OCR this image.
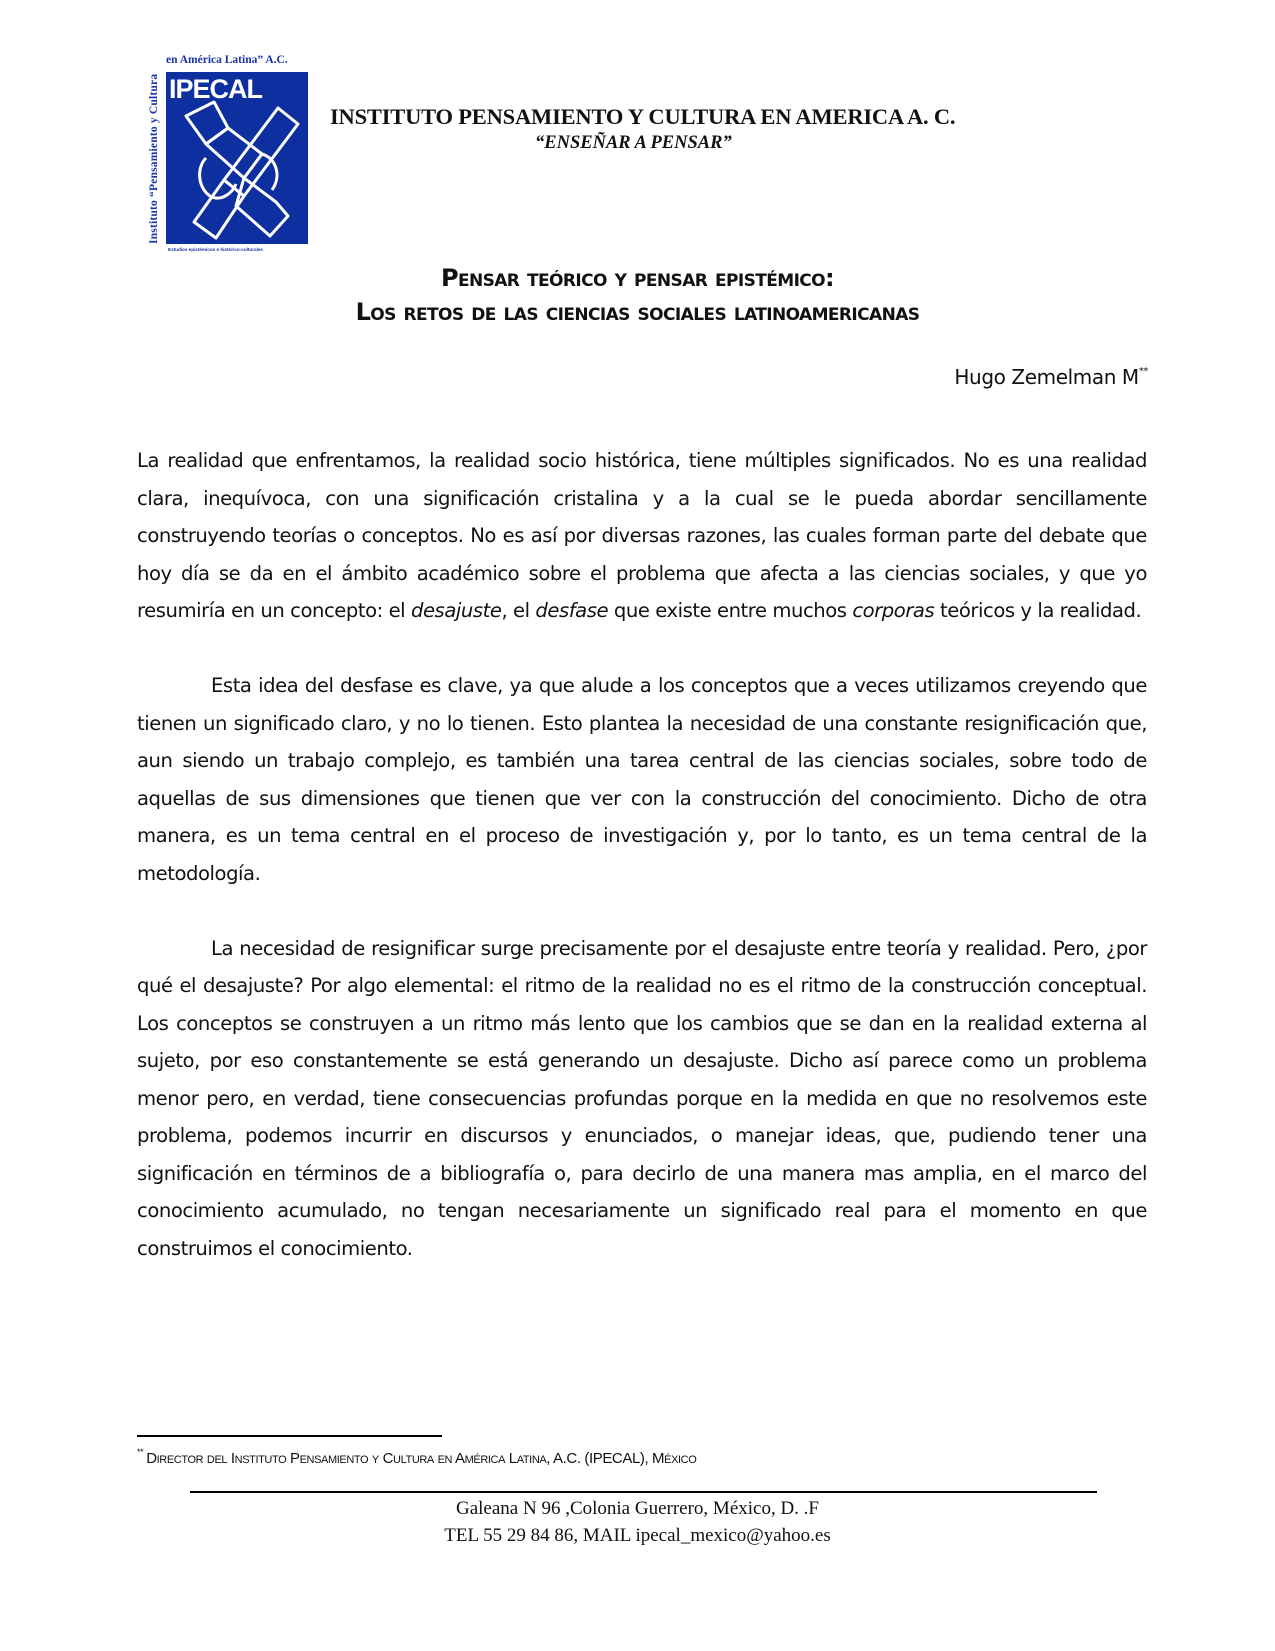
en América Latina” A.C.
Instituto “Pensamiento y Cultura IPECAL
Estudios epistémicos e histórico-culturales
INSTITUTO PENSAMIENTO Y CULTURA EN AMERICA A. C.
“ENSEÑAR A PENSAR”
Pensar teórico y pensar epistémico:
Los retos de las ciencias sociales latinoamericanas
Hugo Zemelman M**

La realidad que enfrentamos, la realidad socio histórica, tiene múltiples significados. No es una realidad clara, inequívoca, con una significación cristalina y a la cual se le pueda abordar sencillamente construyendo teorías o conceptos. No es así por diversas razones, las cuales forman parte del debate que hoy día se da en el ámbito académico sobre el problema que afecta a las ciencias sociales, y que yo resumiría en un concepto: el desajuste, el desfase que existe entre muchos corporas teóricos y la realidad.

Esta idea del desfase es clave, ya que alude a los conceptos que a veces utilizamos creyendo que tienen un significado claro, y no lo tienen. Esto plantea la necesidad de una constante resignificación que, aun siendo un trabajo complejo, es también una tarea central de las ciencias sociales, sobre todo de aquellas de sus dimensiones que tienen que ver con la construcción del conocimiento. Dicho de otra manera, es un tema central en el proceso de investigación y, por lo tanto, es un tema central de la metodología.

La necesidad de resignificar surge precisamente por el desajuste entre teoría y realidad. Pero, ¿por qué el desajuste? Por algo elemental: el ritmo de la realidad no es el ritmo de la construcción conceptual. Los conceptos se construyen a un ritmo más lento que los cambios que se dan en la realidad externa al sujeto, por eso constantemente se está generando un desajuste. Dicho así parece como un problema menor pero, en verdad, tiene consecuencias profundas porque en la medida en que no resolvemos este problema, podemos incurrir en discursos y enunciados, o manejar ideas, que, pudiendo tener una significación en términos de a bibliografía o, para decirlo de una manera mas amplia, en el marco del conocimiento acumulado, no tengan necesariamente un significado real para el momento en que construimos el conocimiento.

** Director del Instituto Pensamiento y Cultura en América Latina, A.C. (IPECAL), México
Galeana N 96 ,Colonia Guerrero, México, D. .F
TEL 55 29 84 86, MAIL ipecal_mexico@yahoo.es
